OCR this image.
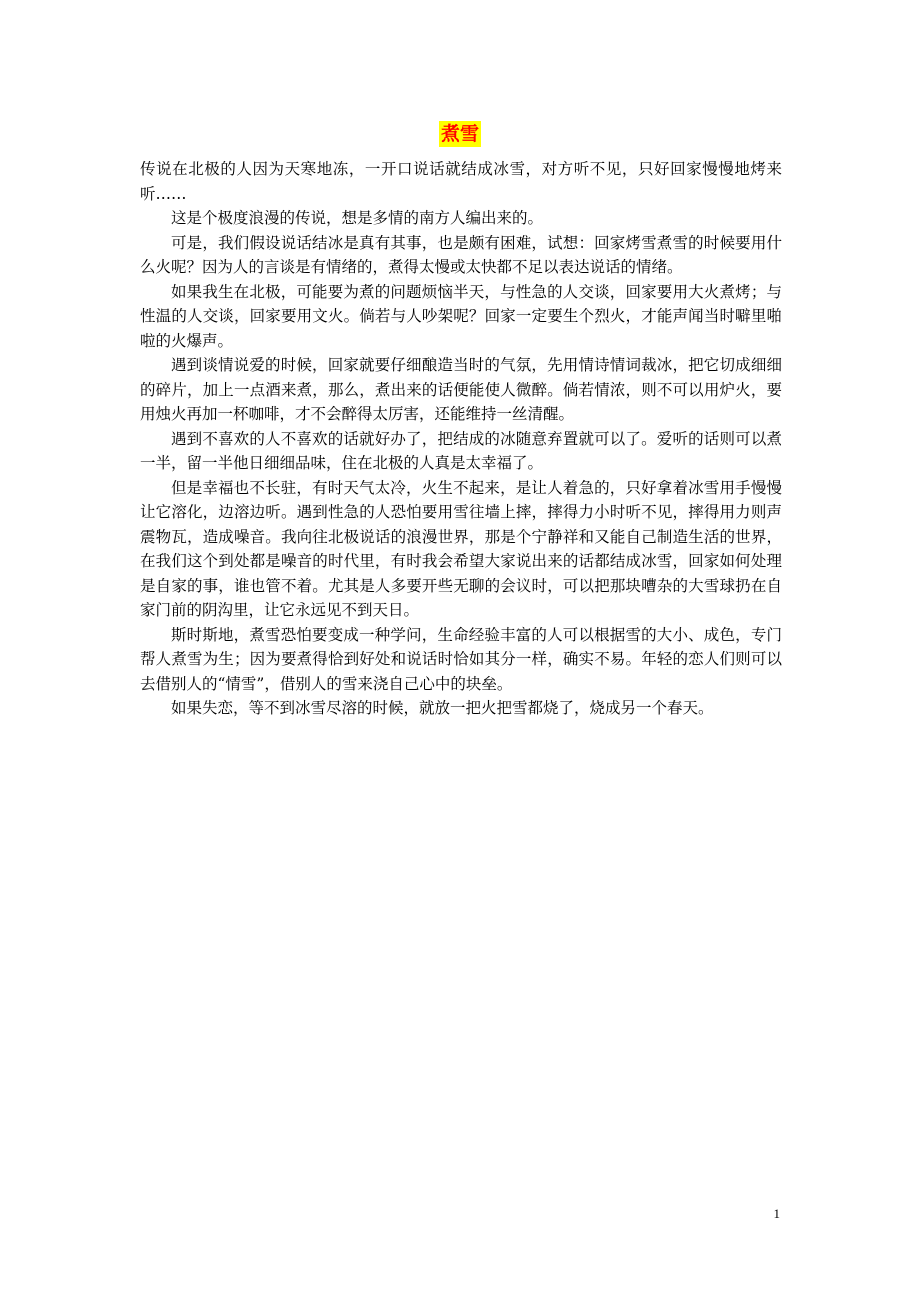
煮雪

传说在北极的人因为天寒地冻，一开口说话就结成冰雪，对方听不见，只好回家慢慢地烤来听……

这是个极度浪漫的传说，想是多情的南方人编出来的。

可是，我们假设说话结冰是真有其事，也是颇有困难，试想：回家烤雪煮雪的时候要用什么火呢？因为人的言谈是有情绪的，煮得太慢或太快都不足以表达说话的情绪。

如果我生在北极，可能要为煮的问题烦恼半天，与性急的人交谈，回家要用大火煮烤；与性温的人交谈，回家要用文火。倘若与人吵架呢？回家一定要生个烈火，才能声闻当时噼里啪啦的火爆声。

遇到谈情说爱的时候，回家就要仔细酿造当时的气氛，先用情诗情词裁冰，把它切成细细的碎片，加上一点酒来煮，那么，煮出来的话便能使人微醉。倘若情浓，则不可以用炉火，要用烛火再加一杯咖啡，才不会醉得太厉害，还能维持一丝清醒。

遇到不喜欢的人不喜欢的话就好办了，把结成的冰随意弃置就可以了。爱听的话则可以煮一半，留一半他日细细品味，住在北极的人真是太幸福了。

但是幸福也不长驻，有时天气太冷，火生不起来，是让人着急的，只好拿着冰雪用手慢慢让它溶化，边溶边听。遇到性急的人恐怕要用雪往墙上摔，摔得力小时听不见，摔得用力则声震物瓦，造成噪音。我向往北极说话的浪漫世界，那是个宁静祥和又能自己制造生活的世界，在我们这个到处都是噪音的时代里，有时我会希望大家说出来的话都结成冰雪，回家如何处理是自家的事，谁也管不着。尤其是人多要开些无聊的会议时，可以把那块嘈杂的大雪球扔在自家门前的阴沟里，让它永远见不到天日。

斯时斯地，煮雪恐怕要变成一种学问，生命经验丰富的人可以根据雪的大小、成色，专门帮人煮雪为生；因为要煮得恰到好处和说话时恰如其分一样，确实不易。年轻的恋人们则可以去借别人的“情雪”，借别人的雪来浇自己心中的块垒。

如果失恋，等不到冰雪尽溶的时候，就放一把火把雪都烧了，烧成另一个春天。

1
